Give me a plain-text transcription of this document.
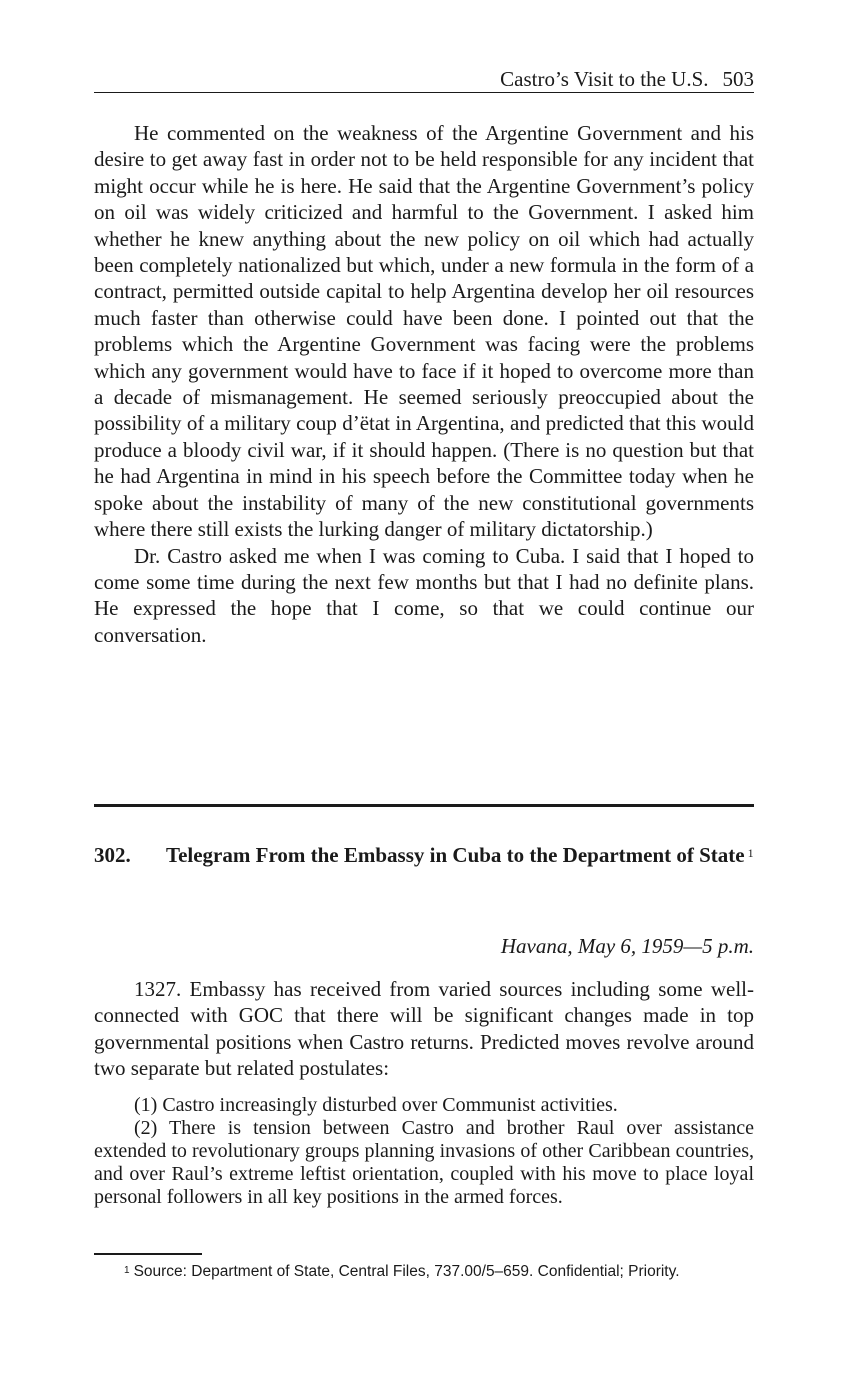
Castro’s Visit to the U.S. 503

He commented on the weakness of the Argentine Government and his desire to get away fast in order not to be held responsible for any incident that might occur while he is here. He said that the Argentine Government’s policy on oil was widely criticized and harmful to the Government. I asked him whether he knew anything about the new policy on oil which had actually been completely nationalized but which, under a new formula in the form of a contract, permitted outside capital to help Argentina develop her oil resources much faster than otherwise could have been done. I pointed out that the problems which the Argentine Government was facing were the problems which any government would have to face if it hoped to overcome more than a decade of mismanagement. He seemed seriously preoccupied about the possibility of a military coup d’ëtat in Argentina, and predicted that this would produce a bloody civil war, if it should happen. (There is no question but that he had Argentina in mind in his speech before the Committee today when he spoke about the instability of many of the new constitutional governments where there still exists the lurking danger of military dictatorship.)

Dr. Castro asked me when I was coming to Cuba. I said that I hoped to come some time during the next few months but that I had no definite plans. He expressed the hope that I come, so that we could continue our conversation.

302. Telegram From the Embassy in Cuba to the Department of State $^1$
Havana, May 6, 1959—5 p.m.

1327. Embassy has received from varied sources including some well-connected with GOC that there will be significant changes made in top governmental positions when Castro returns. Predicted moves revolve around two separate but related postulates:

(1) Castro increasingly disturbed over Communist activities.

(2) There is tension between Castro and brother Raul over assistance extended to revolutionary groups planning invasions of other Caribbean countries, and over Raul’s extreme leftist orientation, coupled with his move to place loyal personal followers in all key positions in the armed forces.

$^1$ Source: Department of State, Central Files, 737.00/5–659. Confidential; Priority.
